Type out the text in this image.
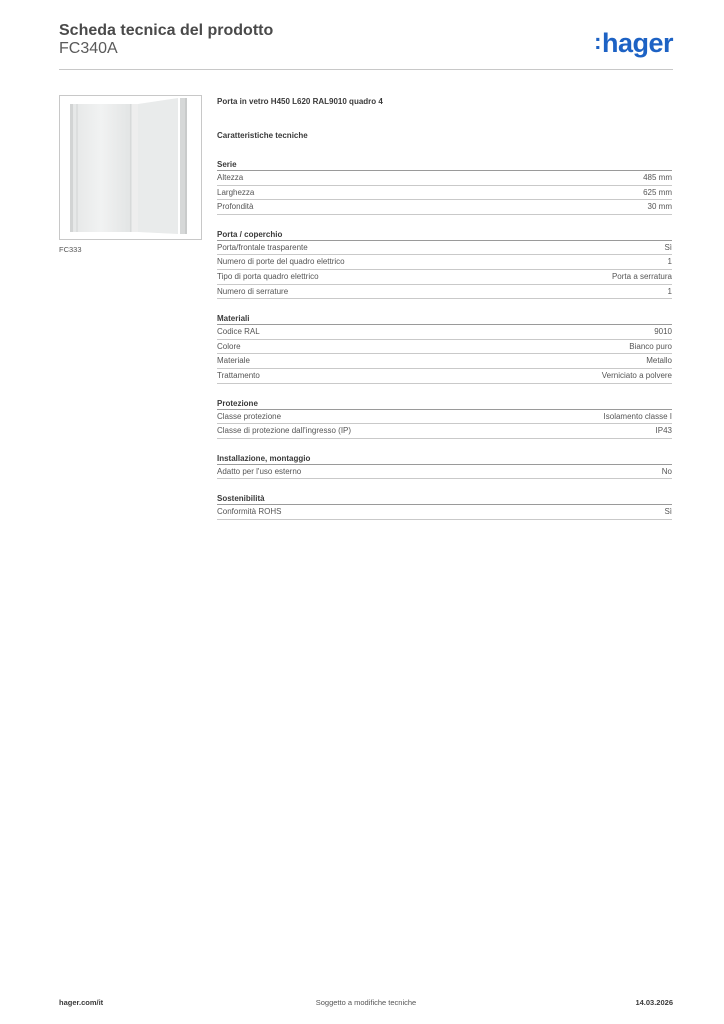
Scheda tecnica del prodotto
FC340A	:hager
FC333
Porta in vetro H450 L620 RAL9010 quadro 4
Caratteristiche tecniche
Serie
Altezza	485 mm
Larghezza	625 mm
Profondità	30 mm
Porta / coperchio
Porta/frontale trasparente	Sì
Numero di porte del quadro elettrico	1
Tipo di porta quadro elettrico	Porta a serratura
Numero di serrature	1
Materiali
Codice RAL	9010
Colore	Bianco puro
Materiale	Metallo
Trattamento	Verniciato a polvere
Protezione
Classe protezione	Isolamento classe I
Classe di protezione dall'ingresso (IP)	IP43
Installazione, montaggio
Adatto per l'uso esterno	No
Sostenibilità
Conformità ROHS	Sì
hager.com/it	Soggetto a modifiche tecniche	14.03.2026
